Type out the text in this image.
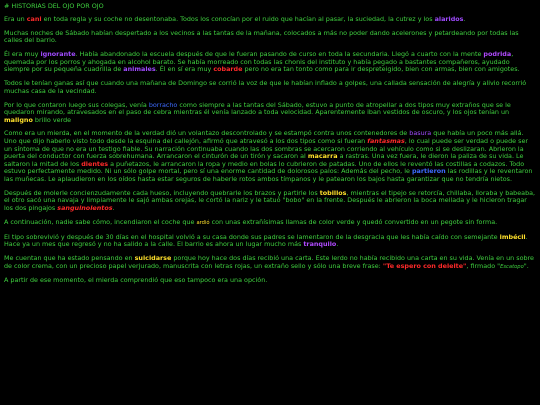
# HISTORIAS DEL OJO POR OJO

Era un cani en toda regla y su coche no desentonaba. Todos los conocían por el ruido que hacían al pasar, la suciedad, la cutrez y los alaridos.

Muchas noches de Sábado habían despertado a los vecinos a las tantas de la mañana, colocados a más no poder dando acelerones y petardeando por todas las calles del barrio.

Él era muy ignorante. Había abandonado la escuela después de que le fueran pasando de curso en toda la secundaria. Llegó a cuarto con la mente podrida, quemada por los porros y ahogada en alcohol barato. Se había morreado con todas las chonis del instituto y había pegado a bastantes compañeros, ayudado siempre por su pequeña cuadrilla de animales. Él en sí era muy cobarde pero no era tan tonto como para ir despreteigido, bien con armas, bien con amigotes.

Todos le tenían ganas así que cuando una mañana de Domingo se corrió la voz de que le habían inflado a golpes, una callada sensación de alegría y alivio recorrió muchas casa de la vecindad.

Por lo que contaron luego sus colegas, venía borracho como siempre a las tantas del Sábado, estuvo a punto de atropellar a dos tipos muy extraños que se le quedaron mirando, atravesados en el paso de cebra mientras él venía lanzado a toda velocidad. Aparentemente iban vestidos de oscuro, y los ojos tenían un maligno brillo verde

Como era un mierda, en el momento de la verdad dió un volantazo descontrolado y se estampó contra unos contenedores de basura que había un poco más allá. Uno que dijo haberlo visto todo desde la esquina del callejón, afirmó que atravesó a los dos tipos como si fueran fantasmas, lo cual puede ser verdad o puede ser un síntoma de que no era un testigo fiable. Su narración continuaba cuando las dos sombras se acercaron corriendo al vehículo como si se deslizaran. Abrieron la puerta del conductor con fuerza sobrehumana. Arrancaron el cinturón de un tirón y sacaron al macarra a rastras. Una vez fuera, le dieron la paliza de su vida. Le saltaron la mitad de los dientes a puñetazos, le arrancaron la ropa y medio en bolas lo cubrieron de patadas. Uno de ellos le reventó las costillas a codazos. Todo estuvo perfectamente medido. Ni un sólo golpe mortal, pero sí una enorme cantidad de dolorosos palos: Además del pecho, le partieron las rodillas y le reventaron las muñecas. Le aplaudieron en los oídos hasta estar seguros de haberle rotos ambos tímpanos y le patearon los bajos hasta garantizar que no tendría nietos.

Después de molerle concienzudamente cada hueso, incluyendo quebrarle los brazos y partirle los tobillos, mientras el tipejo se retorcía, chillaba, lloraba y babeaba, el otro sacó una navaja y limpiamente le sajó ambas orejas, le cortó la nariz y le tatuó "bobo" en la frente. Después le abrieron la boca mellada y le hicieron tragar los dos pingajos sanguinolentos.

A continuación, nadie sabe cómo, incendiaron el coche que ardió con unas extrañísimas llamas de color verde y quedó convertido en un pegote sin forma.

El tipo sobrevivió y después de 30 días en el hospital volvió a su casa donde sus padres se lamentaron de la desgracia que les había caído con semejante imbécil. Hace ya un mes que regresó y no ha salido a la calle. El barrio es ahora un lugar mucho más tranquilo.

Me cuentan que ha estado pensando en suicidarse porque hoy hace dos días recibió una carta. Este lerdo no había recibido una carta en su vida. Venía en un sobre de color crema, con un precioso papel verjurado, manuscrita con letras rojas, un extraño sello y sólo una breve frase: "Te espero con deleite", firmado "Escatopo".

A partir de ese momento, el mierda comprendió que eso tampoco era una opción.
